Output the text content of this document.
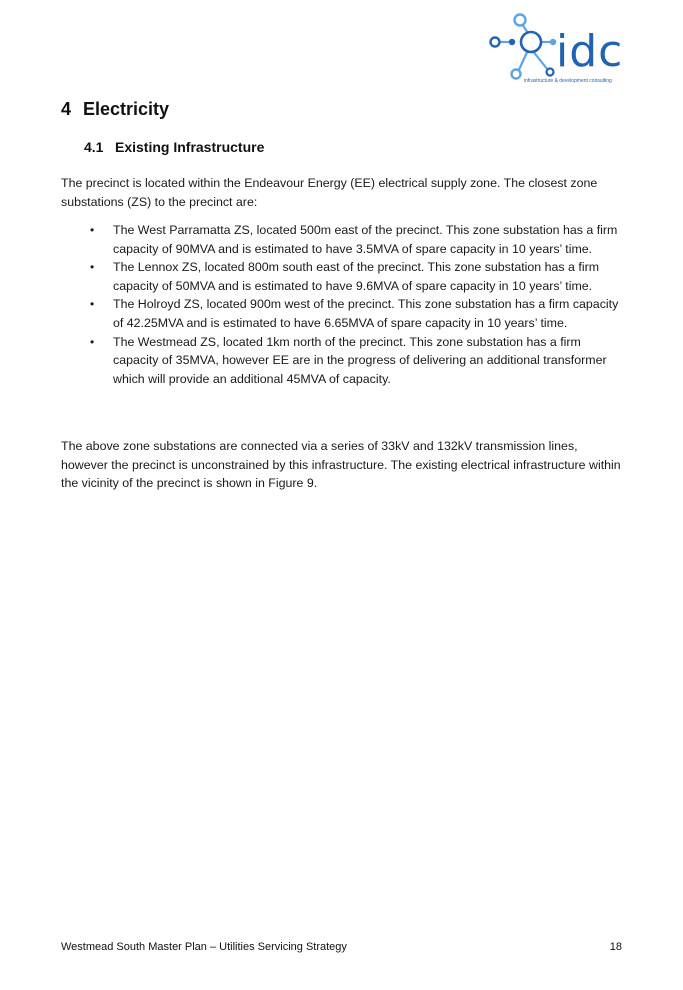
idc
infrastructure & development consulting
4 Electricity
4.1 Existing Infrastructure

The precinct is located within the Endeavour Energy (EE) electrical supply zone. The closest zone substations (ZS) to the precinct are:

• The West Parramatta ZS, located 500m east of the precinct. This zone substation has a firm capacity of 90MVA and is estimated to have 3.5MVA of spare capacity in 10 years’ time.
• The Lennox ZS, located 800m south east of the precinct. This zone substation has a firm capacity of 50MVA and is estimated to have 9.6MVA of spare capacity in 10 years’ time.
• The Holroyd ZS, located 900m west of the precinct. This zone substation has a firm capacity of 42.25MVA and is estimated to have 6.65MVA of spare capacity in 10 years’ time.
• The Westmead ZS, located 1km north of the precinct. This zone substation has a firm capacity of 35MVA, however EE are in the progress of delivering an additional transformer which will provide an additional 45MVA of capacity.

The above zone substations are connected via a series of 33kV and 132kV transmission lines, however the precinct is unconstrained by this infrastructure. The existing electrical infrastructure within the vicinity of the precinct is shown in Figure 9.

Westmead South Master Plan – Utilities Servicing Strategy	18
